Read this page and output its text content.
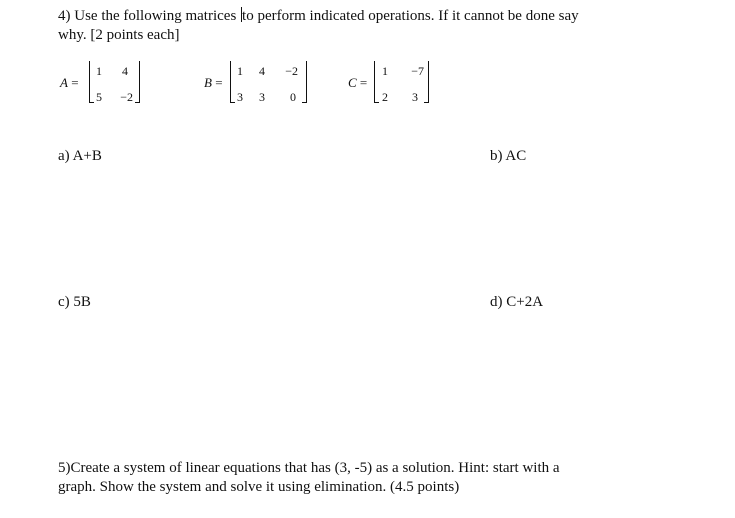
4) Use the following matrices to perform indicated operations. If it cannot be done say
why. [2 points each]
A =
1	4
5	−2
B =
1	4	−2
3	3	0
C =
1	−7
2	3
a) A+B	b) AC
c) 5B	d) C+2A
5)Create a system of linear equations that has (3, -5) as a solution. Hint: start with a
graph. Show the system and solve it using elimination. (4.5 points)
